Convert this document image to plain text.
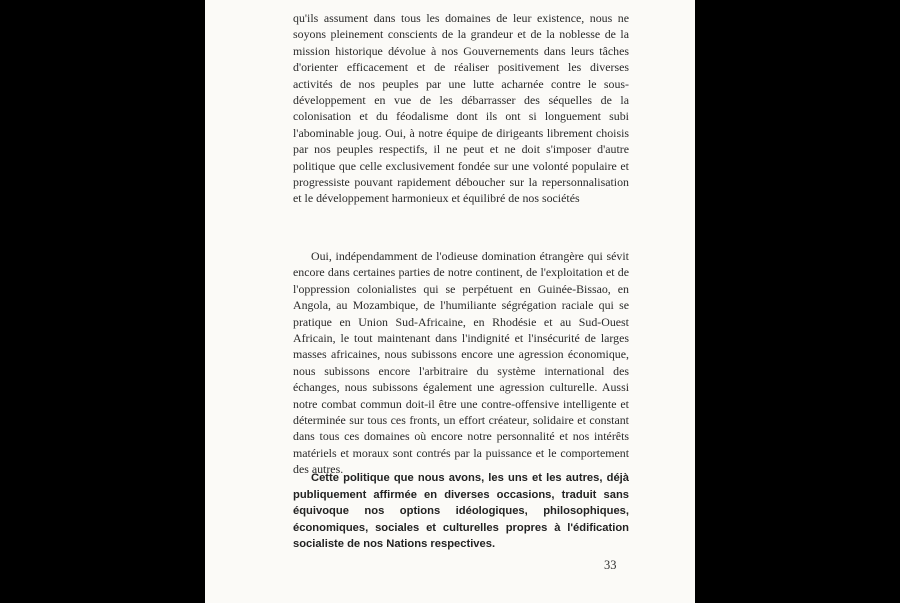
qu'ils assument dans tous les domaines de leur existence, nous ne soyons pleinement conscients de la grandeur et de la noblesse de la mission historique dévolue à nos Gouvernements dans leurs tâches d'orienter efficacement et de réaliser positivement les diverses activités de nos peuples par une lutte acharnée contre le sous-développement en vue de les débarrasser des séquelles de la colonisation et du féodalisme dont ils ont si longuement subi l'abominable joug. Oui, à notre équipe de dirigeants librement choisis par nos peuples respectifs, il ne peut et ne doit s'imposer d'autre politique que celle exclusivement fondée sur une volonté populaire et progressiste pouvant rapidement déboucher sur la repersonnalisation et le développement harmonieux et équilibré de nos sociétés

Oui, indépendamment de l'odieuse domination étrangère qui sévit encore dans certaines parties de notre continent, de l'exploitation et de l'oppression colonialistes qui se perpétuent en Guinée-Bissao, en Angola, au Mozambique, de l'humiliante ségrégation raciale qui se pratique en Union Sud-Africaine, en Rhodésie et au Sud-Ouest Africain, le tout maintenant dans l'indignité et l'insécurité de larges masses africaines, nous subissons encore une agression économique, nous subissons encore l'arbitraire du système international des échanges, nous subissons également une agression culturelle. Aussi notre combat commun doit-il être une contre-offensive intelligente et déterminée sur tous ces fronts, un effort créateur, solidaire et constant dans tous ces domaines où encore notre personnalité et nos intérêts matériels et moraux sont contrés par la puissance et le comportement des autres.

Cette politique que nous avons, les uns et les autres, déjà publiquement affirmée en diverses occasions, traduit sans équivoque nos options idéologiques, philosophiques, économiques, sociales et culturelles propres à l'édification socialiste de nos Nations respectives.

33
